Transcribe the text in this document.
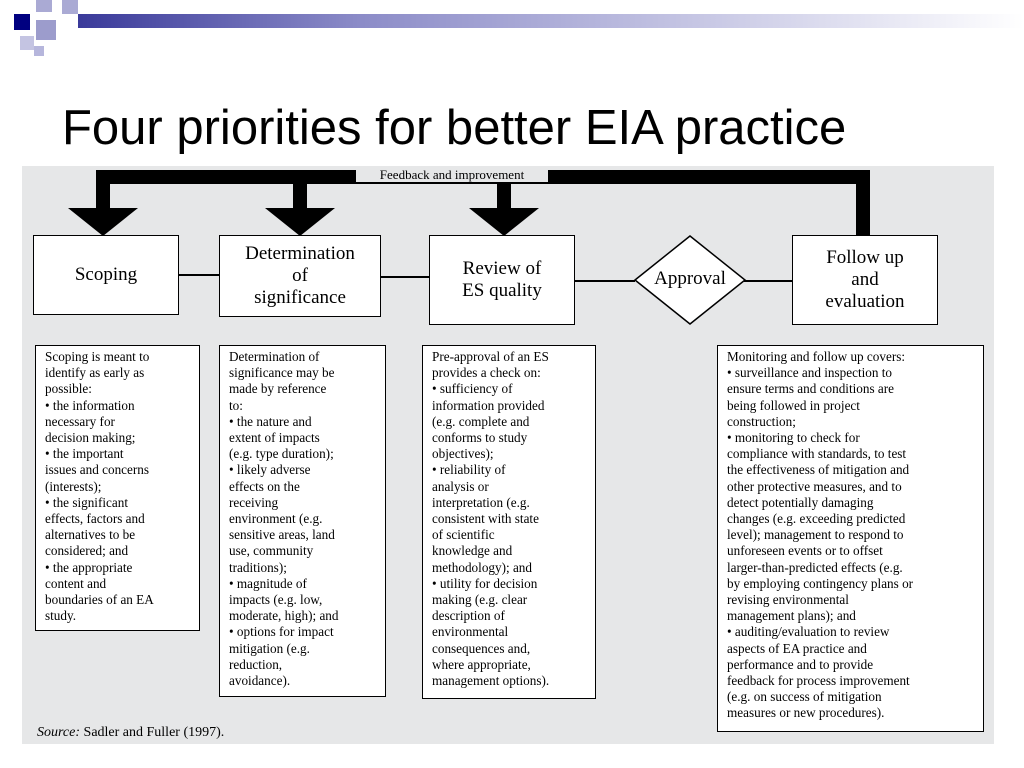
Four priorities for better EIA practice
Feedback and improvement
Scoping
Determination
of
significance
Review of
ES quality
Approval
Follow up
and
evaluation
Scoping is meant to
identify as early as
possible:
• the information
necessary for
decision making;
• the important
issues and concerns
(interests);
• the significant
effects, factors and
alternatives to be
considered; and
• the appropriate
content and
boundaries of an EA
study.
Determination of
significance may be
made by reference
to:
• the nature and
extent of impacts
(e.g. type duration);
• likely adverse
effects on the
receiving
environment (e.g.
sensitive areas, land
use, community
traditions);
• magnitude of
impacts (e.g. low,
moderate, high); and
• options for impact
mitigation (e.g.
reduction,
avoidance).
Pre-approval of an ES
provides a check on:
• sufficiency of
information provided
(e.g. complete and
conforms to study
objectives);
• reliability of
analysis or
interpretation (e.g.
consistent with state
of scientific
knowledge and
methodology); and
• utility for decision
making (e.g. clear
description of
environmental
consequences and,
where appropriate,
management options).
Monitoring and follow up covers:
• surveillance and inspection to
ensure terms and conditions are
being followed in project
construction;
• monitoring to check for
compliance with standards, to test
the effectiveness of mitigation and
other protective measures, and to
detect potentially damaging
changes (e.g. exceeding predicted
level); management to respond to
unforeseen events or to offset
larger-than-predicted effects (e.g.
by employing contingency plans or
revising environmental
management plans); and
• auditing/evaluation to review
aspects of EA practice and
performance and to provide
feedback for process improvement
(e.g. on success of mitigation
measures or new procedures).
Source: Sadler and Fuller (1997).
